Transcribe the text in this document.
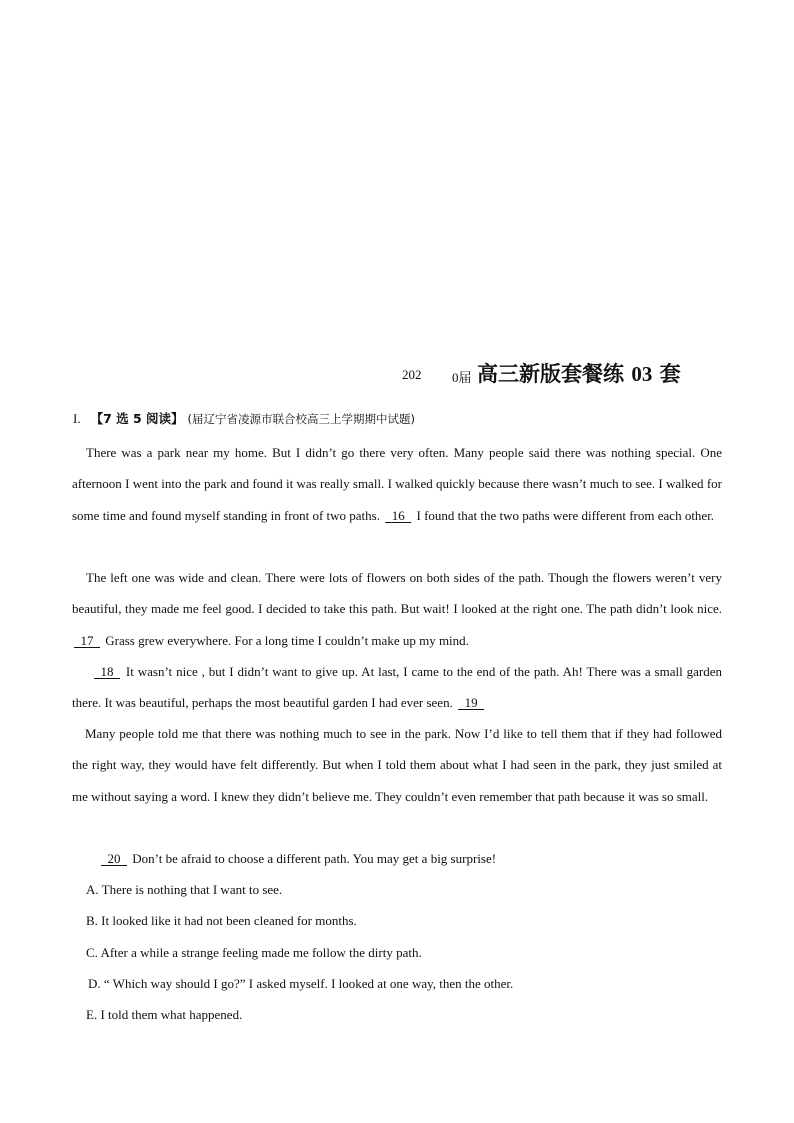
202 0届 高三新版套餐练 03 套
I. 【7 选 5 阅读】 (届辽宁省凌源市联合校高三上学期期中试题)

There was a park near my home. But I didn’t go there very often. Many people said there was nothing special. One afternoon I went into the park and found it was really small. I walked quickly because there wasn’t much to see. I walked for some time and found myself standing in front of two paths.   16   I found that the two paths were different from each other.

The left one was wide and clean. There were lots of flowers on both sides of the path. Though the flowers weren’t very beautiful, they made me feel good. I decided to take this path. But wait! I looked at the right one. The path didn’t look nice.   17   Grass grew everywhere. For a long time I couldn’t make up my mind.

18   It wasn’t nice , but I didn’t want to give up. At last, I came to the end of the path. Ah! There was a small garden there. It was beautiful, perhaps the most beautiful garden I had ever seen.   19

Many people told me that there was nothing much to see in the park. Now I’d like to tell them that if they had followed the right way, they would have felt differently. But when I told them about what I had seen in the park, they just smiled at me without saying a word. I knew they didn’t believe me. They couldn’t even remember that path because it was so small.

20   Don’t be afraid to choose a different path. You may get a big surprise!

A. There is nothing that I want to see.
B. It looked like it had not been cleaned for months.
C. After a while a strange feeling made me follow the dirty path.
D. “ Which way should I go?” I asked myself. I looked at one way, then the other.
E. I told them what happened.
